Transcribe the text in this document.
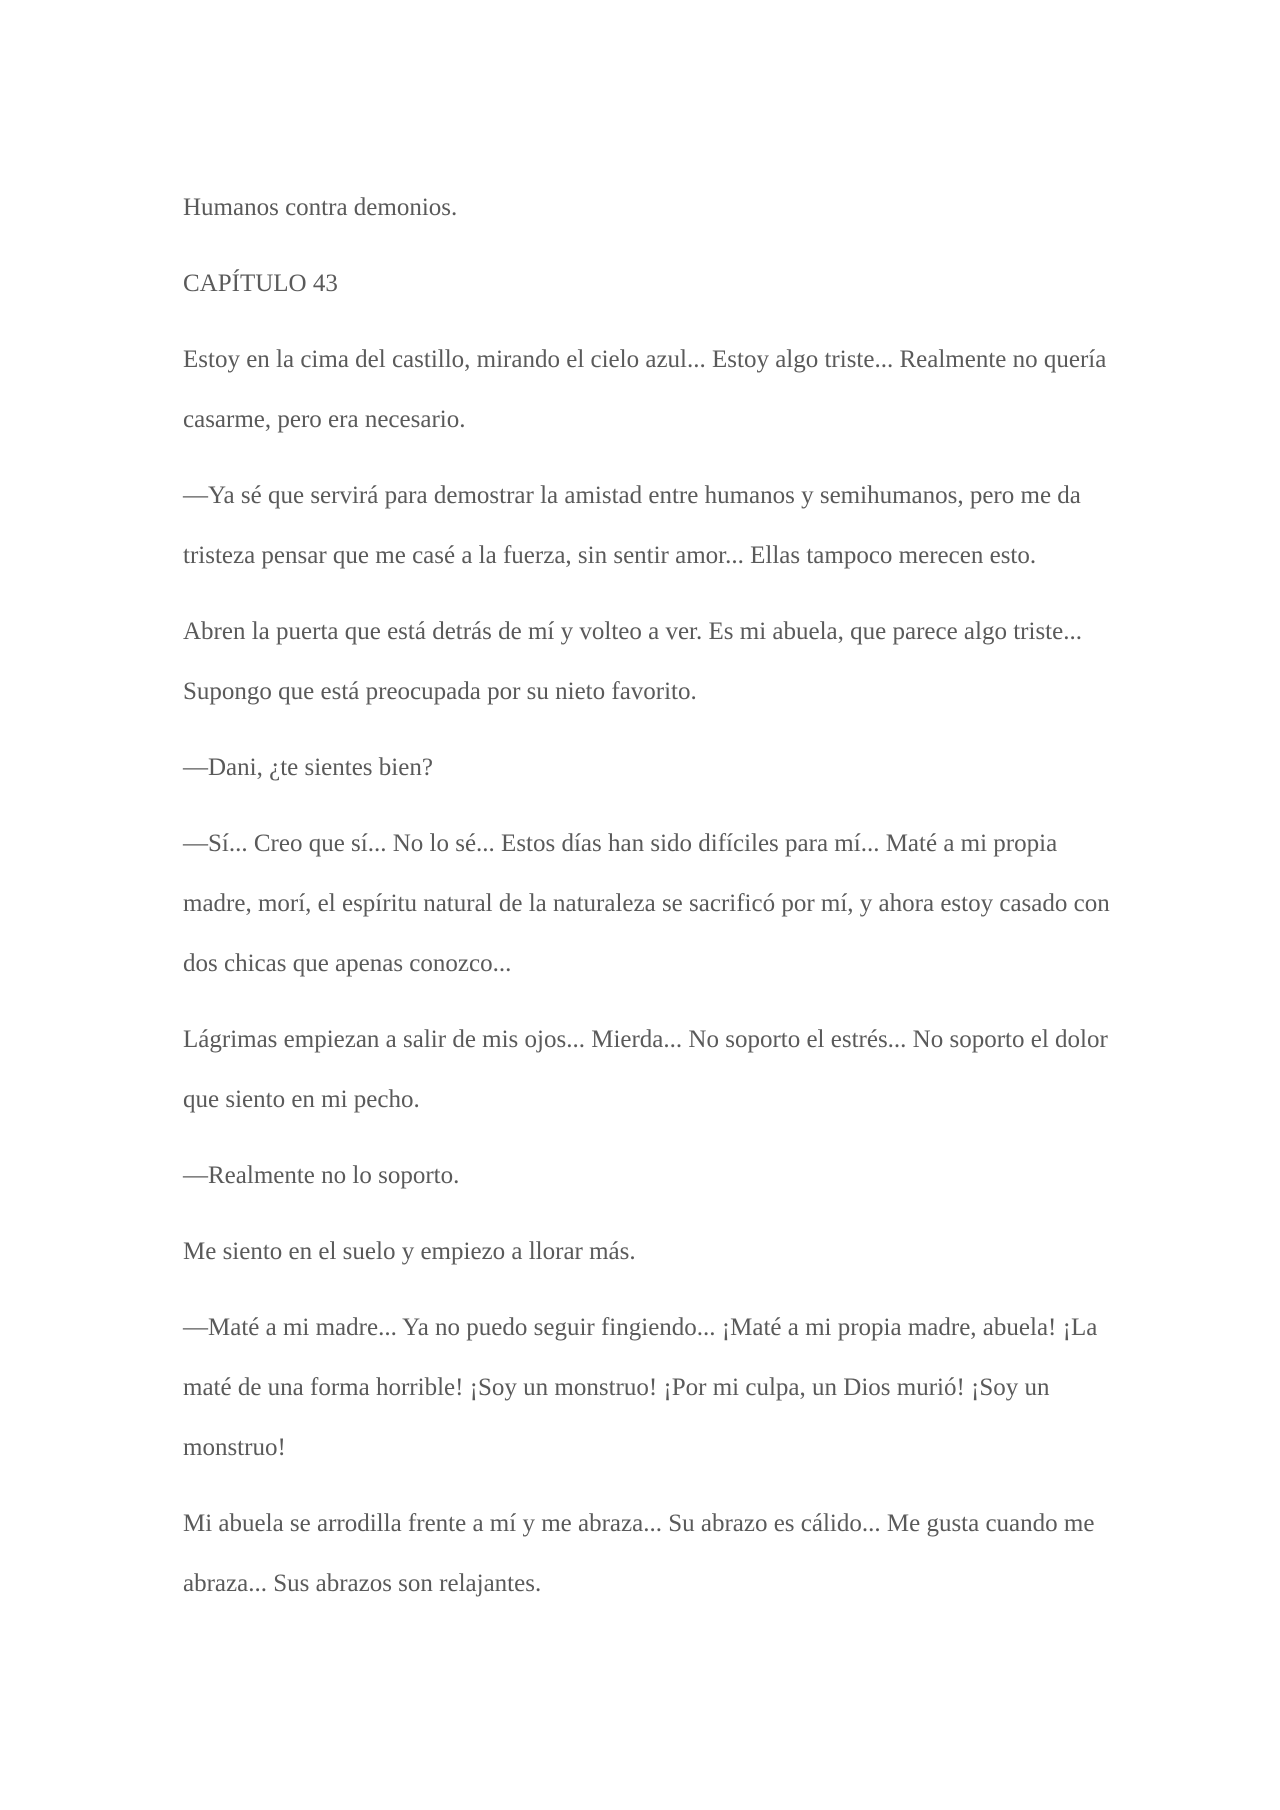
Humanos contra demonios.

CAPÍTULO 43

Estoy en la cima del castillo, mirando el cielo azul... Estoy algo triste... Realmente no quería casarme, pero era necesario.

—Ya sé que servirá para demostrar la amistad entre humanos y semihumanos, pero me da tristeza pensar que me casé a la fuerza, sin sentir amor... Ellas tampoco merecen esto.

Abren la puerta que está detrás de mí y volteo a ver. Es mi abuela, que parece algo triste... Supongo que está preocupada por su nieto favorito.

—Dani, ¿te sientes bien?

—Sí... Creo que sí... No lo sé... Estos días han sido difíciles para mí... Maté a mi propia madre, morí, el espíritu natural de la naturaleza se sacrificó por mí, y ahora estoy casado con dos chicas que apenas conozco...

Lágrimas empiezan a salir de mis ojos... Mierda... No soporto el estrés... No soporto el dolor que siento en mi pecho.

—Realmente no lo soporto.

Me siento en el suelo y empiezo a llorar más.

—Maté a mi madre... Ya no puedo seguir fingiendo... ¡Maté a mi propia madre, abuela! ¡La maté de una forma horrible! ¡Soy un monstruo! ¡Por mi culpa, un Dios murió! ¡Soy un monstruo!

Mi abuela se arrodilla frente a mí y me abraza... Su abrazo es cálido... Me gusta cuando me abraza... Sus abrazos son relajantes.
